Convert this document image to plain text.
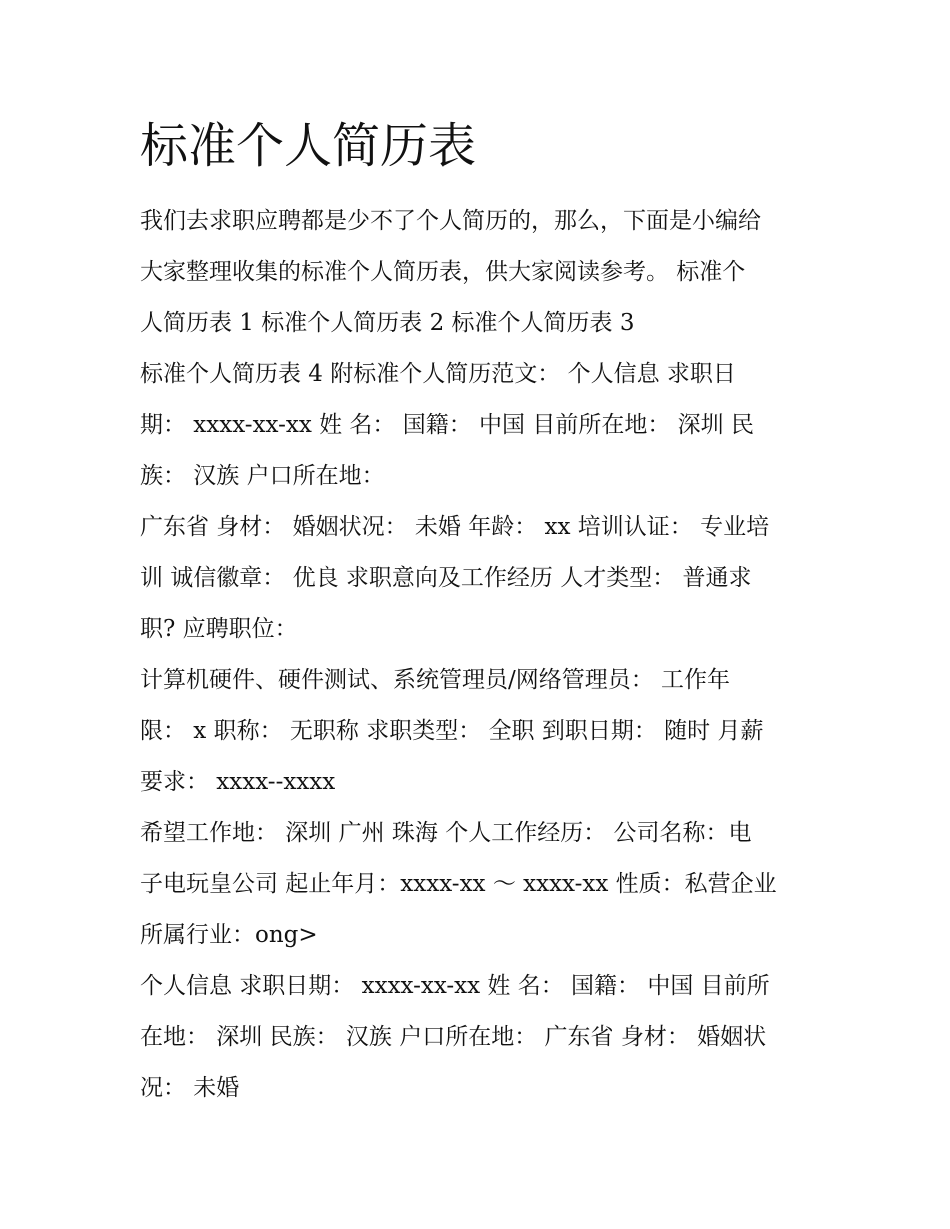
标准个人简历表
我们去求职应聘都是少不了个人简历的，那么，下面是小编给
大家整理收集的标准个人简历表，供大家阅读参考。 标准个
人简历表 1 标准个人简历表 2 标准个人简历表 3
标准个人简历表 4 附标准个人简历范文： 个人信息 求职日
期： xxxx-xx-xx 姓 名： 国籍： 中国 目前所在地： 深圳 民
族： 汉族 户口所在地：
广东省 身材： 婚姻状况： 未婚 年龄： xx 培训认证： 专业培
训 诚信徽章： 优良 求职意向及工作经历 人才类型： 普通求
职? 应聘职位：
计算机硬件、硬件测试、系统管理员/网络管理员： 工作年
限： x 职称： 无职称 求职类型： 全职 到职日期： 随时 月薪
要求： xxxx--xxxx
希望工作地： 深圳 广州 珠海 个人工作经历： 公司名称：电
子电玩皇公司 起止年月：xxxx-xx ～ xxxx-xx 性质：私营企业
所属行业：ong>
个人信息 求职日期： xxxx-xx-xx 姓 名： 国籍： 中国 目前所
在地： 深圳 民族： 汉族 户口所在地： 广东省 身材： 婚姻状
况： 未婚
